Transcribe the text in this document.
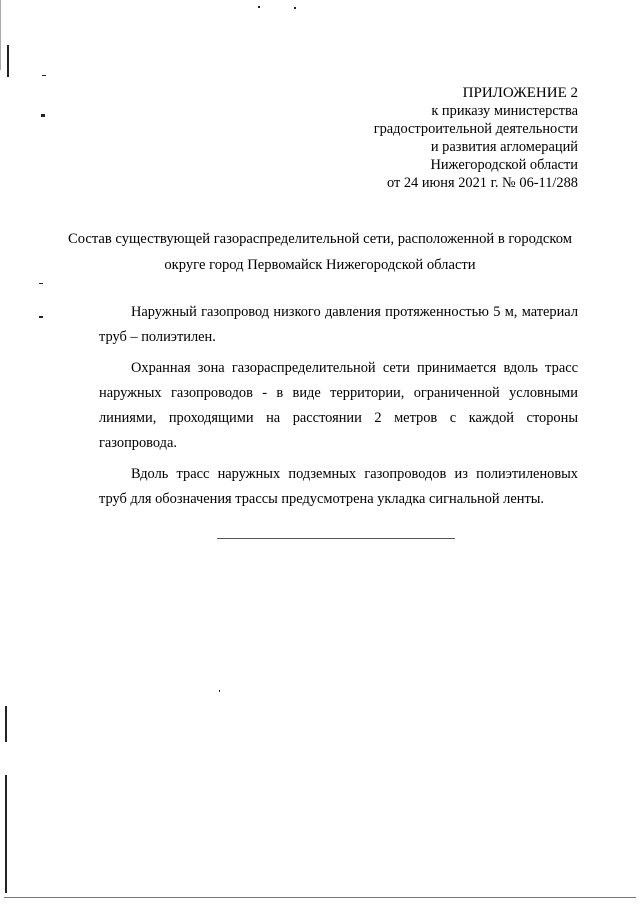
ПРИЛОЖЕНИЕ 2
к приказу министерства
градостроительной деятельности
и развития агломераций
Нижегородской области
от 24 июня 2021 г. № 06-11/288
Состав существующей газораспределительной сети, расположенной в городском округе город Первомайск Нижегородской области

Наружный газопровод низкого давления протяженностью 5 м, материал труб – полиэтилен.

Охранная зона газораспределительной сети принимается вдоль трасс наружных газопроводов - в виде территории, ограниченной условными линиями, проходящими на расстоянии 2 метров с каждой стороны газопровода.

Вдоль трасс наружных подземных газопроводов из полиэтиленовых труб для обозначения трассы предусмотрена укладка сигнальной ленты.
